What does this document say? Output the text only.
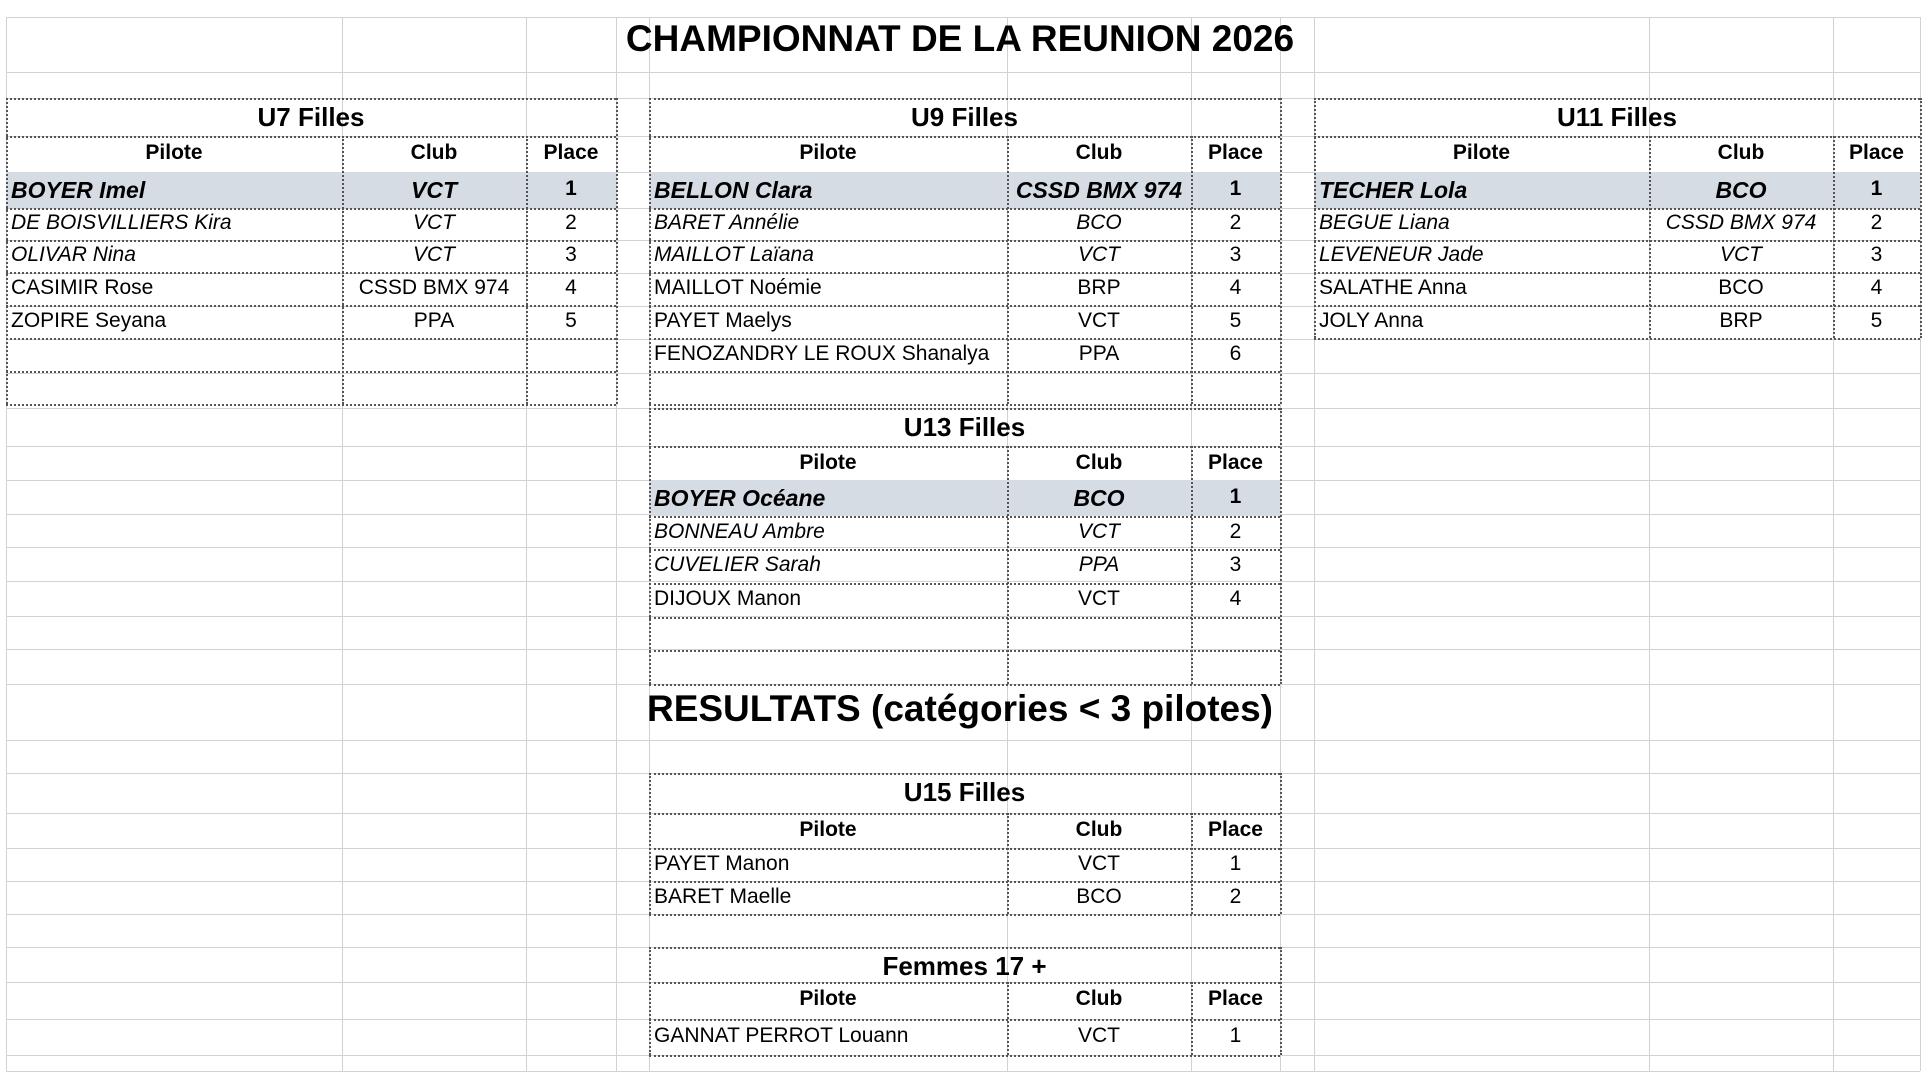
U7 Filles
Pilote	Club	Place
BOYER Imel	VCT	1
DE BOISVILLIERS Kira	VCT	2
OLIVAR Nina	VCT	3
CASIMIR Rose	CSSD BMX 974	4
ZOPIRE Seyana	PPA	5
U9 Filles
Pilote	Club	Place
BELLON Clara	CSSD BMX 974	1
BARET Annélie	BCO	2
MAILLOT Laïana	VCT	3
MAILLOT Noémie	BRP	4
PAYET Maelys	VCT	5
FENOZANDRY LE ROUX Shanalya	PPA	6
U11 Filles
Pilote	Club	Place
TECHER Lola	BCO	1
BEGUE Liana	CSSD BMX 974	2
LEVENEUR Jade	VCT	3
SALATHE Anna	BCO	4
JOLY Anna	BRP	5
U13 Filles
Pilote	Club	Place
BOYER Océane	BCO	1
BONNEAU Ambre	VCT	2
CUVELIER Sarah	PPA	3
DIJOUX Manon	VCT	4
U15 Filles
Pilote	Club	Place
PAYET Manon	VCT	1
BARET Maelle	BCO	2
Femmes 17 +
Pilote	Club	Place
GANNAT PERROT Louann	VCT	1
CHAMPIONNAT DE LA REUNION 2026
RESULTATS (catégories < 3 pilotes)
